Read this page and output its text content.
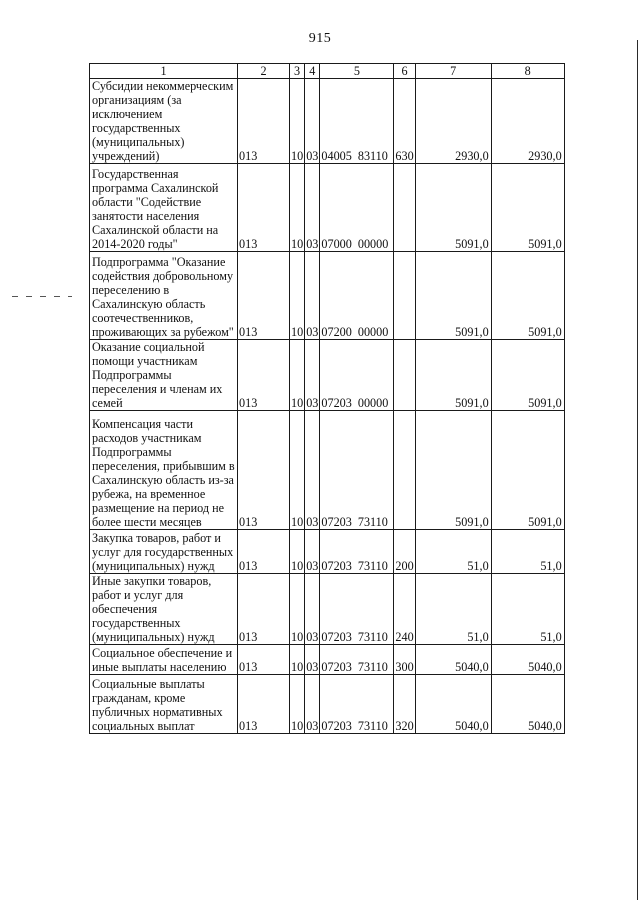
915
1	2	3	4	5	6	7	8
Субсидии некоммерческим организациям (за исключением государственных (муниципальных) учреждений)	013	10	03	04005 83110	630	2930,0	2930,0
Государственная программа Сахалинской области "Содействие занятости населения Сахалинской области на 2014-2020 годы"	013	10	03	07000 00000		5091,0	5091,0
Подпрограмма "Оказание содействия добровольному переселению в Сахалинскую область соотечественников, проживающих за рубежом"	013	10	03	07200 00000		5091,0	5091,0
Оказание социальной помощи участникам Подпрограммы переселения и членам их семей	013	10	03	07203 00000		5091,0	5091,0
Компенсация части расходов участникам Подпрограммы переселения, прибывшим в Сахалинскую область из-за рубежа, на временное размещение на период не более шести месяцев	013	10	03	07203 73110		5091,0	5091,0
Закупка товаров, работ и услуг для государственных (муниципальных) нужд	013	10	03	07203 73110	200	51,0	51,0
Иные закупки товаров, работ и услуг для обеспечения государственных (муниципальных) нужд	013	10	03	07203 73110	240	51,0	51,0
Социальное обеспечение и иные выплаты населению	013	10	03	07203 73110	300	5040,0	5040,0
Социальные выплаты гражданам, кроме публичных нормативных социальных выплат	013	10	03	07203 73110	320	5040,0	5040,0
